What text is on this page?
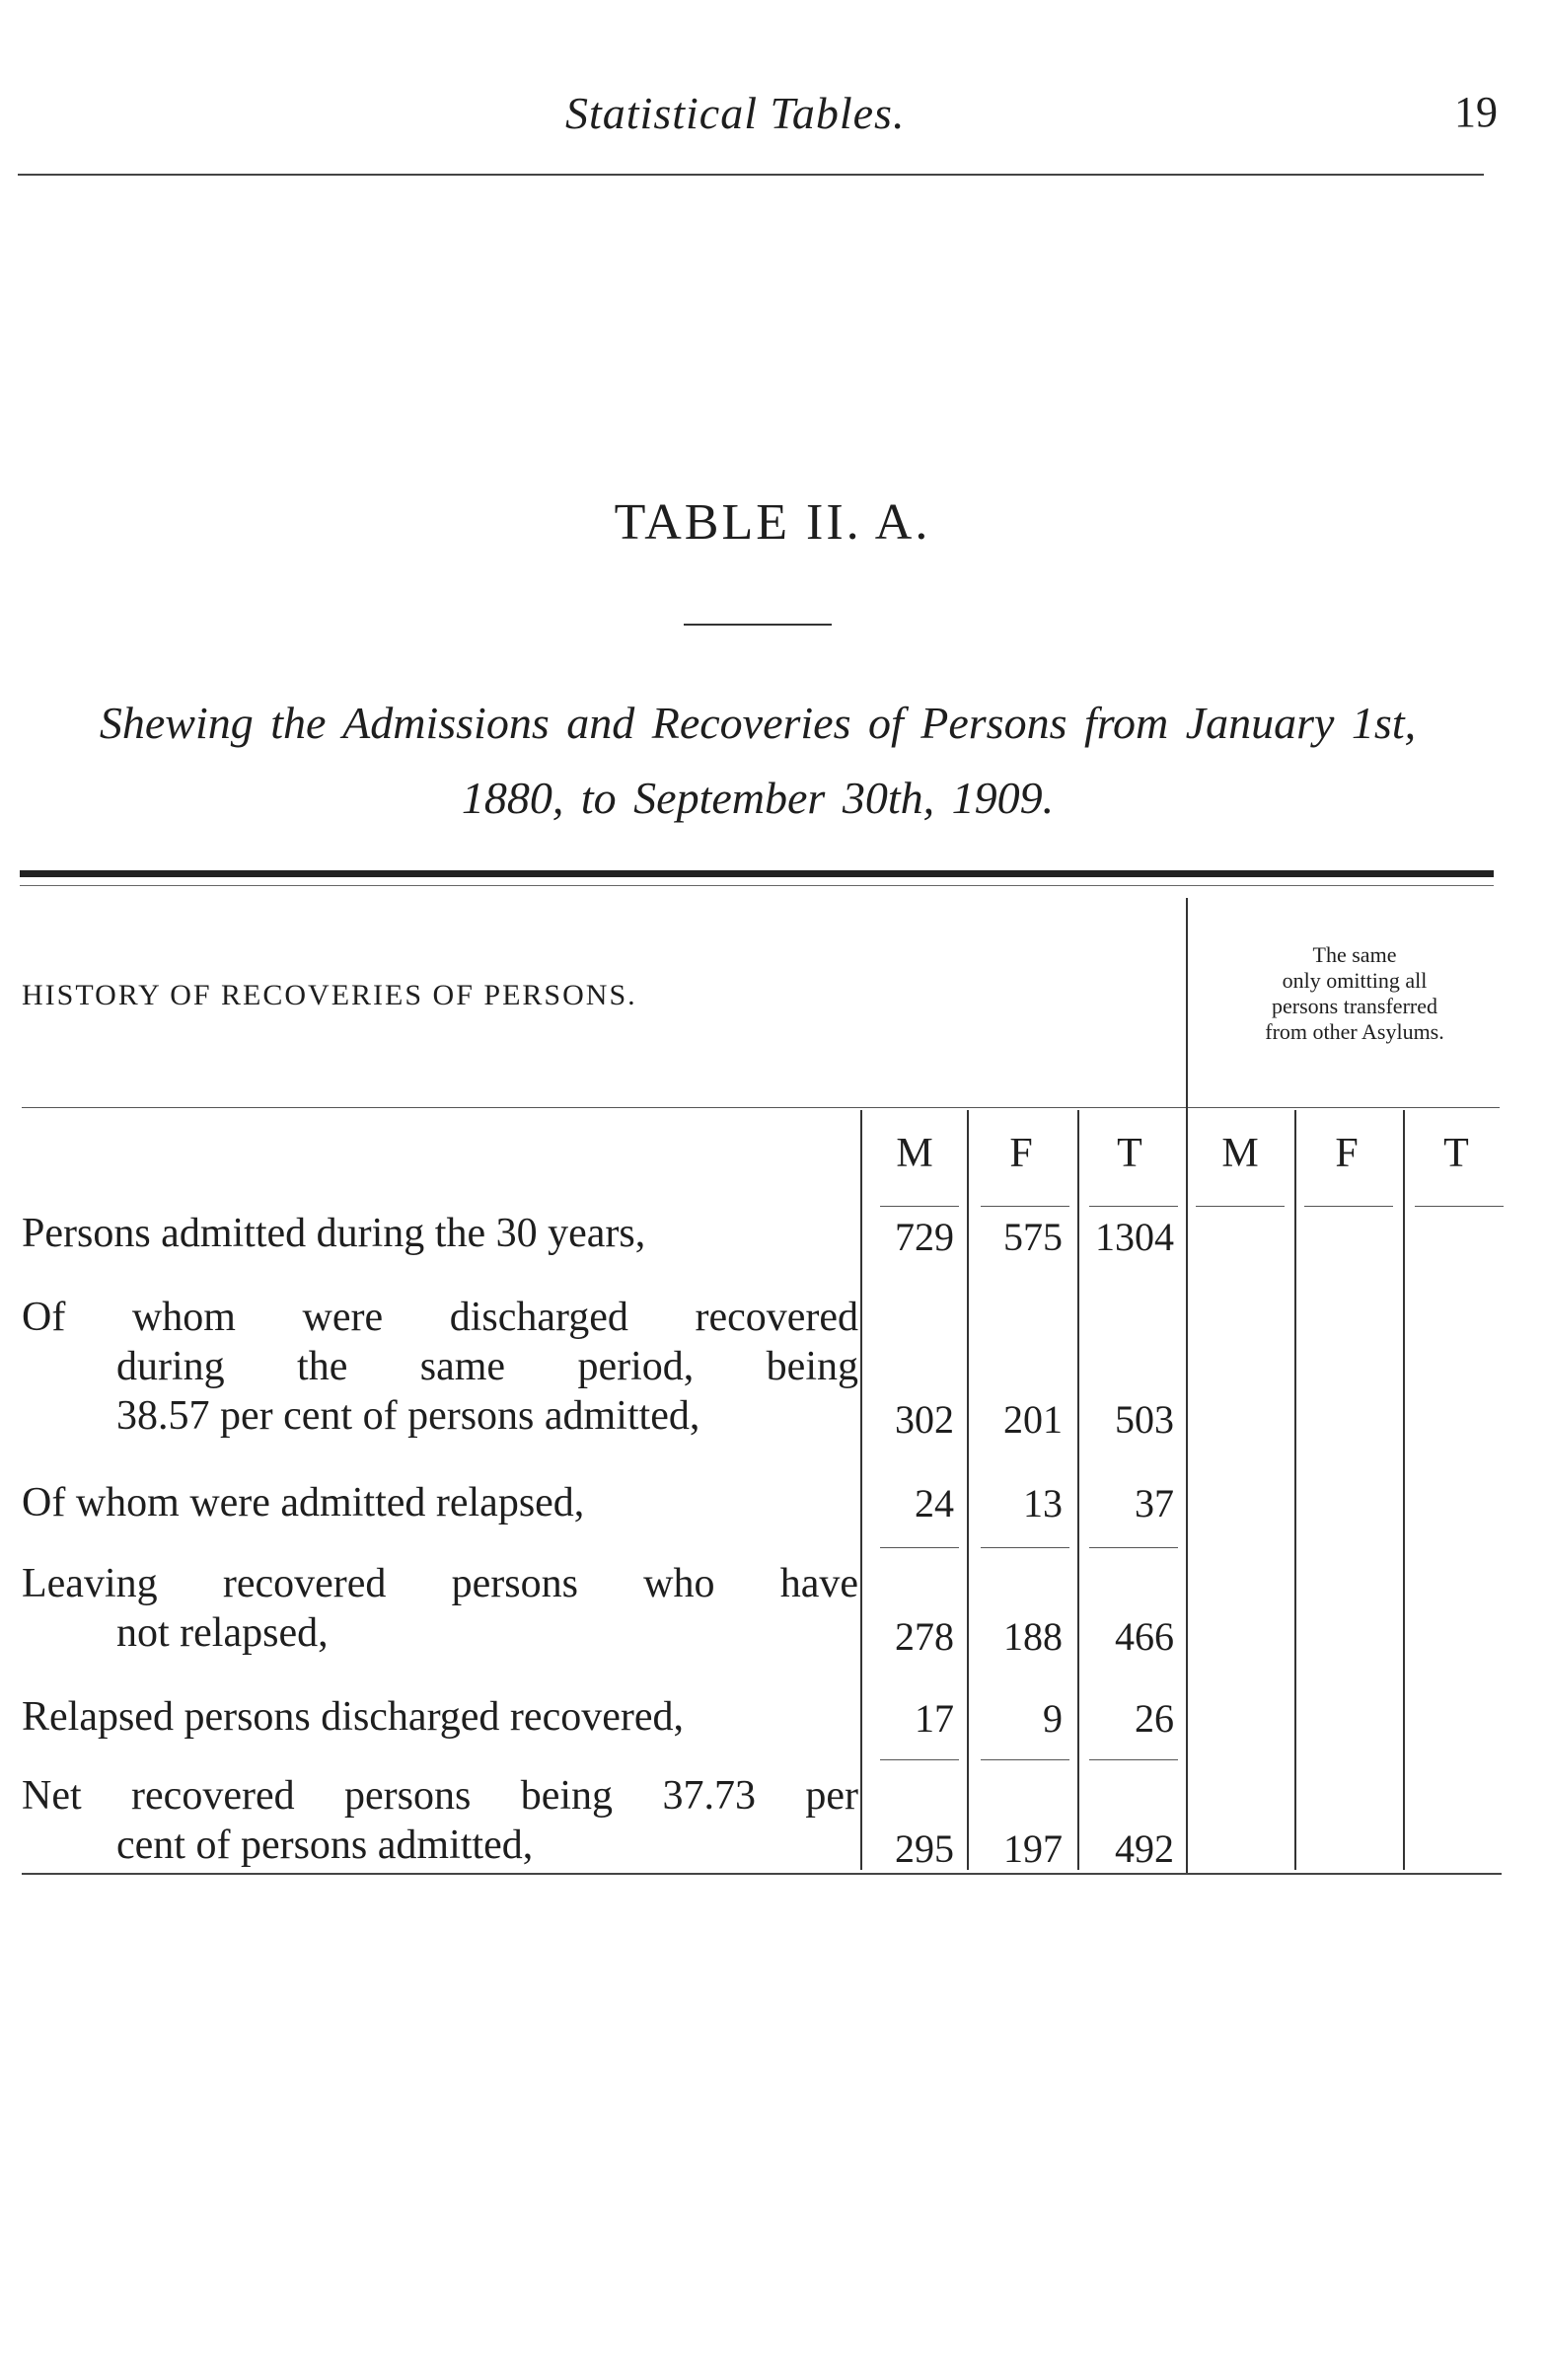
Statistical Tables.	19
TABLE II. A.
Shewing the Admissions and Recoveries of Persons from January 1st,
1880, to September 30th, 1909.
HISTORY OF RECOVERIES OF PERSONS.
The same
only omitting all
persons transferred
from other Asylums.
M	F	T	M	F	T
Persons admitted during the 30 years,	729	575 1304
Of whom were discharged recovered
during the same period, being
38.57 per cent of persons admitted,	302	201	503
Of whom were admitted relapsed,	24	13	37
Leaving recovered persons who have
not relapsed,	278	188	466
Relapsed persons discharged recovered,	17	9	26
Net recovered persons being 37.73 per
cent of persons admitted,	295	197	492
